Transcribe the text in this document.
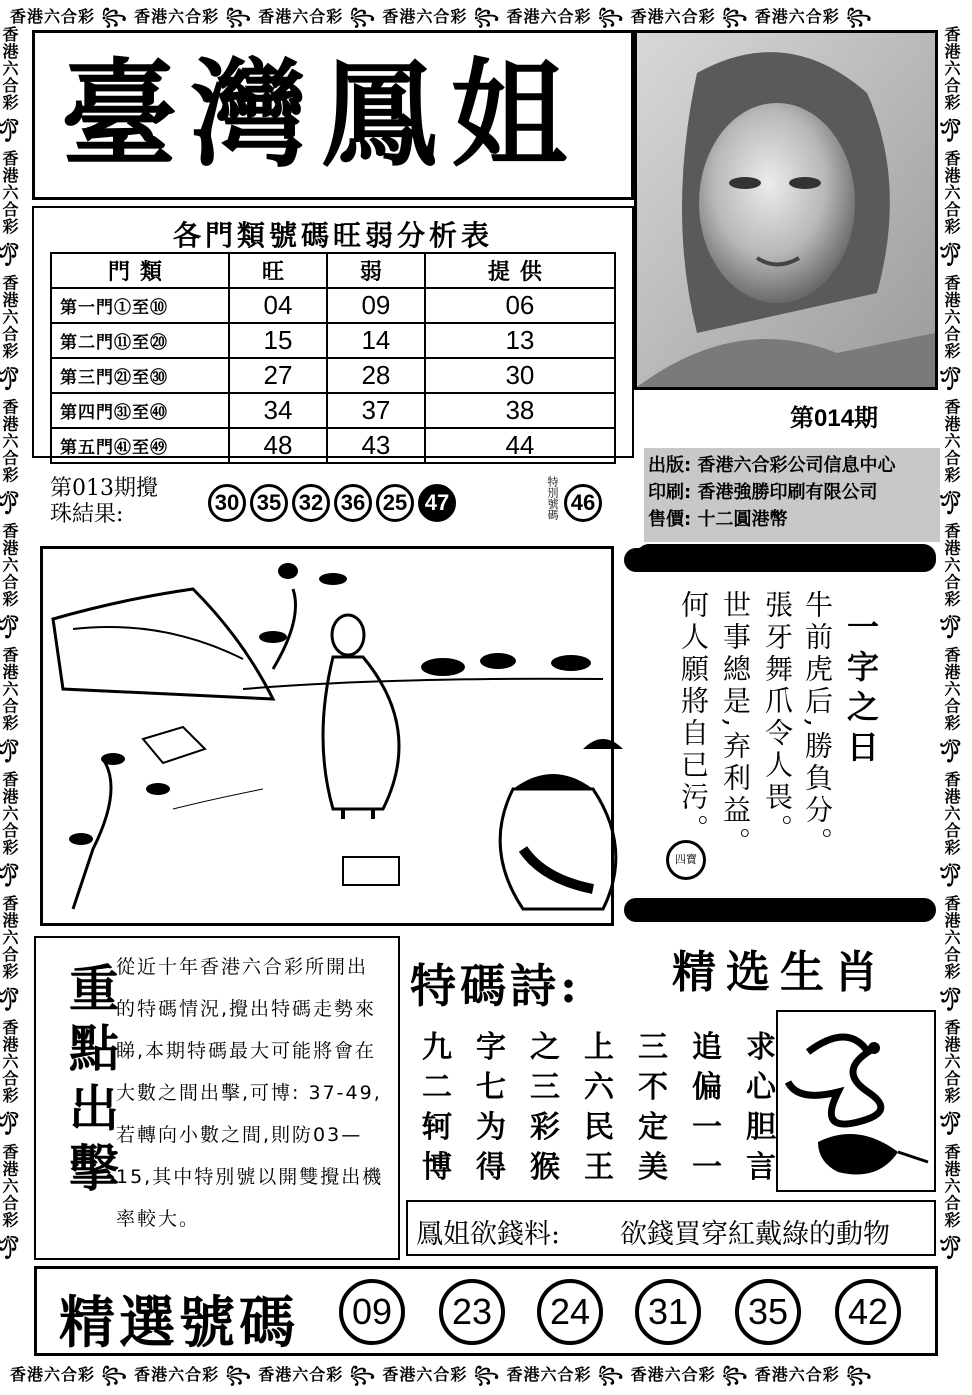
香港六合彩 ꧂ 香港六合彩 ꧂ 香港六合彩 ꧂ 香港六合彩 ꧂ 香港六合彩 ꧂ 香港六合彩 ꧂ 香港六合彩 ꧂
香港六合彩 ꧂ 香港六合彩 ꧂ 香港六合彩 ꧂ 香港六合彩 ꧂ 香港六合彩 ꧂ 香港六合彩 ꧂ 香港六合彩 ꧂
香港六合彩 ꧂ 香港六合彩 ꧂ 香港六合彩 ꧂ 香港六合彩 ꧂ 香港六合彩 ꧂ 香港六合彩 ꧂ 香港六合彩 ꧂ 香港六合彩 ꧂ 香港六合彩 ꧂ 香港六合彩 ꧂	香港六合彩 ꧂ 香港六合彩 ꧂ 香港六合彩 ꧂ 香港六合彩 ꧂ 香港六合彩 ꧂ 香港六合彩 ꧂ 香港六合彩 ꧂ 香港六合彩 ꧂ 香港六合彩 ꧂ 香港六合彩 ꧂
臺灣鳳姐
第014期
出版: 香港六合彩公司信息中心
印刷: 香港強勝印刷有限公司
售價: 十二圓港幣
各門類號碼旺弱分析表
門類	旺	弱	提供
第一門①至⑩	04	09	06
第二門⑪至⑳	15	14	13
第三門㉑至㉚	27	28	30
第四門㉛至㊵	34	37	38
第五門㊶至㊾	48	43	44
第013期攪
珠結果:	30 35 32 36 25 47	特別號碼 46
一字之日
牛前虎后,勝負分。
張牙舞爪令人畏。
世事總是,弃利益。
何人願將自已污。
四寶
重點出擊
從近十年香港六合彩所開出的特碼情況,攪出特碼走勢來睇,本期特碼最大可能將會在大數之間出擊,可博: 37-49,若轉向小數之間,則防03—15,其中特別號以開雙攪出機率較大。
特碼詩: 精选生肖
九 字 之 上 三 追 求
二 七 三 六 不 偏 心
轲 为 彩 民 定 一 胆
博 得 猴 王 美 一 言
鳳姐欲錢料: 欲錢買穿紅戴綠的動物
精選號碼	09	23	24	31	35	42
